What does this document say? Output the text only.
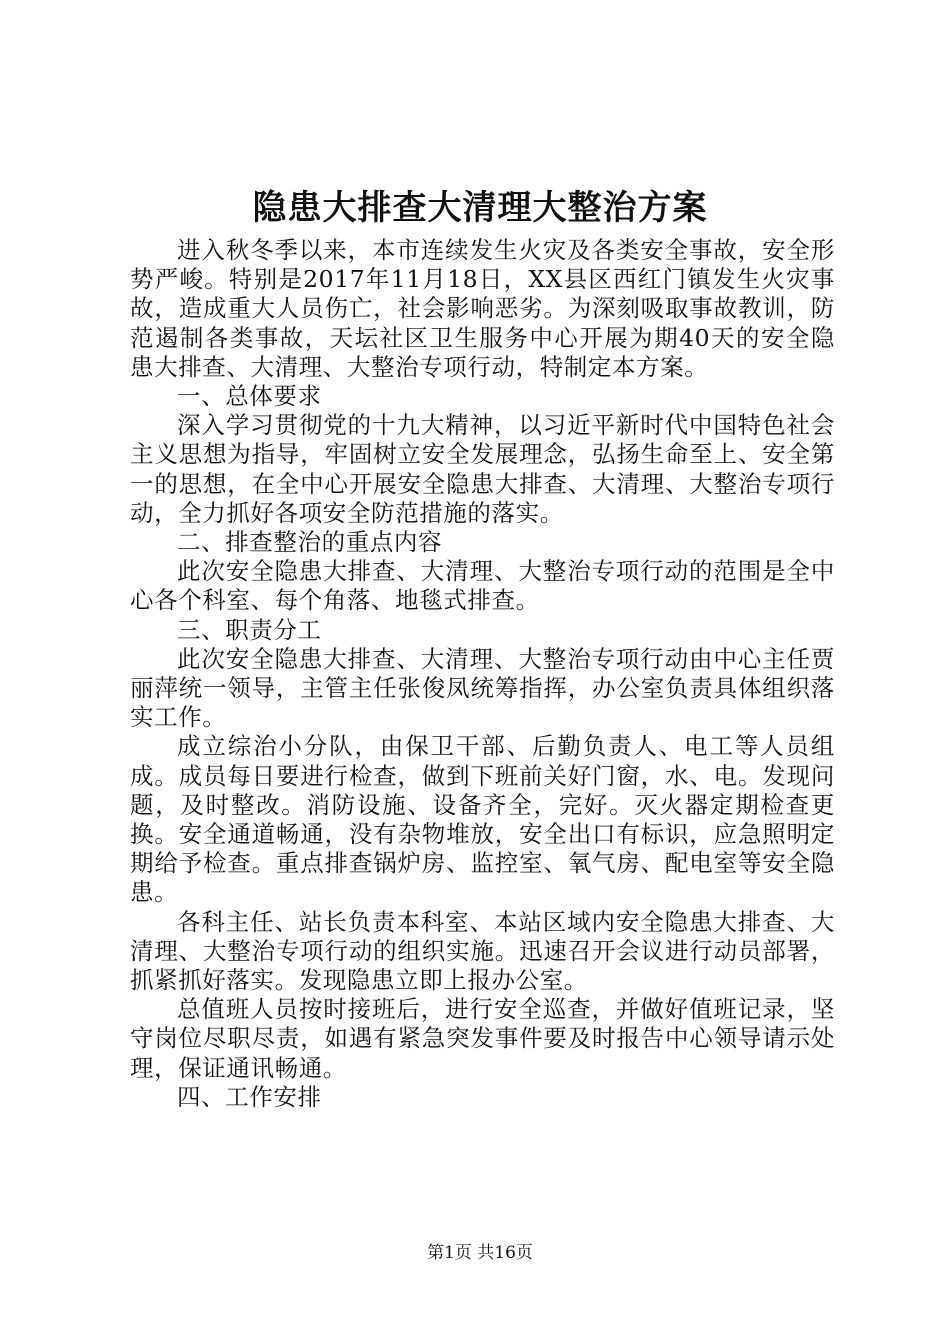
隐患大排查大清理大整治方案

进入秋冬季以来，本市连续发生火灾及各类安全事故，安全形势严峻。特别是2017年11月18日，XX县区西红门镇发生火灾事故，造成重大人员伤亡，社会影响恶劣。为深刻吸取事故教训，防范遏制各类事故，天坛社区卫生服务中心开展为期40天的安全隐患大排查、大清理、大整治专项行动，特制定本方案。

一、总体要求

深入学习贯彻党的十九大精神，以习近平新时代中国特色社会主义思想为指导，牢固树立安全发展理念，弘扬生命至上、安全第一的思想，在全中心开展安全隐患大排查、大清理、大整治专项行动，全力抓好各项安全防范措施的落实。

二、排查整治的重点内容

此次安全隐患大排查、大清理、大整治专项行动的范围是全中心各个科室、每个角落、地毯式排查。

三、职责分工

此次安全隐患大排查、大清理、大整治专项行动由中心主任贾丽萍统一领导，主管主任张俊凤统筹指挥，办公室负责具体组织落实工作。

成立综治小分队，由保卫干部、后勤负责人、电工等人员组成。成员每日要进行检查，做到下班前关好门窗，水、电。发现问题，及时整改。消防设施、设备齐全，完好。灭火器定期检查更换。安全通道畅通，没有杂物堆放，安全出口有标识，应急照明定期给予检查。重点排查锅炉房、监控室、氧气房、配电室等安全隐患。

各科主任、站长负责本科室、本站区域内安全隐患大排查、大清理、大整治专项行动的组织实施。迅速召开会议进行动员部署，抓紧抓好落实。发现隐患立即上报办公室。

总值班人员按时接班后，进行安全巡查，并做好值班记录，坚守岗位尽职尽责，如遇有紧急突发事件要及时报告中心领导请示处理，保证通讯畅通。

四、工作安排

第1页 共16页
